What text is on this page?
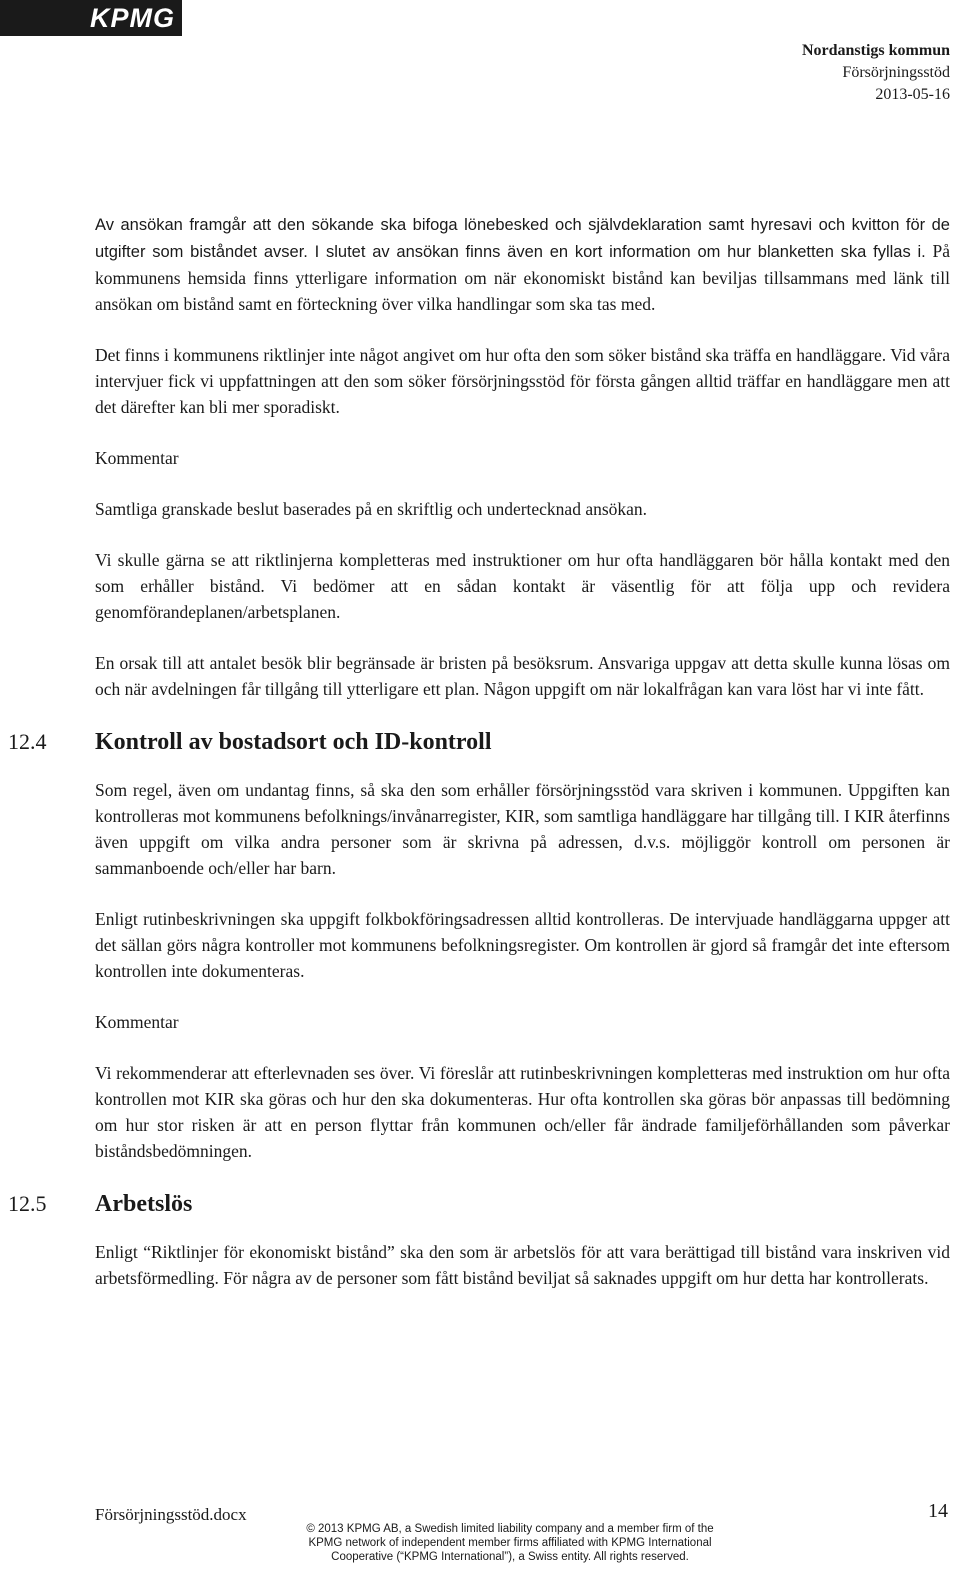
KPMG
Nordanstigs kommun
Försörjningsstöd
2013-05-16

Av ansökan framgår att den sökande ska bifoga lönebesked och självdeklaration samt hyresavi och kvitton för de utgifter som biståndet avser. I slutet av ansökan finns även en kort information om hur blanketten ska fyllas i. På kommunens hemsida finns ytterligare information om när ekonomiskt bistånd kan beviljas tillsammans med länk till ansökan om bistånd samt en förteckning över vilka handlingar som ska tas med.

Det finns i kommunens riktlinjer inte något angivet om hur ofta den som söker bistånd ska träffa en handläggare. Vid våra intervjuer fick vi uppfattningen att den som söker försörjningsstöd för första gången alltid träffar en handläggare men att det därefter kan bli mer sporadiskt.

Kommentar

Samtliga granskade beslut baserades på en skriftlig och undertecknad ansökan.

Vi skulle gärna se att riktlinjerna kompletteras med instruktioner om hur ofta handläggaren bör hålla kontakt med den som erhåller bistånd. Vi bedömer att en sådan kontakt är väsentlig för att följa upp och revidera genomförandeplanen/arbetsplanen.

En orsak till att antalet besök blir begränsade är bristen på besöksrum. Ansvariga uppgav att detta skulle kunna lösas om och när avdelningen får tillgång till ytterligare ett plan. Någon uppgift om när lokalfrågan kan vara löst har vi inte fått.

12.4 Kontroll av bostadsort och ID-kontroll

Som regel, även om undantag finns, så ska den som erhåller försörjningsstöd vara skriven i kommunen. Uppgiften kan kontrolleras mot kommunens befolknings/invånarregister, KIR, som samtliga handläggare har tillgång till. I KIR återfinns även uppgift om vilka andra personer som är skrivna på adressen, d.v.s. möjliggör kontroll om personen är sammanboende och/eller har barn.

Enligt rutinbeskrivningen ska uppgift folkbokföringsadressen alltid kontrolleras. De intervjuade handläggarna uppger att det sällan görs några kontroller mot kommunens befolkningsregister. Om kontrollen är gjord så framgår det inte eftersom kontrollen inte dokumenteras.

Kommentar

Vi rekommenderar att efterlevnaden ses över. Vi föreslår att rutinbeskrivningen kompletteras med instruktion om hur ofta kontrollen mot KIR ska göras och hur den ska dokumenteras. Hur ofta kontrollen ska göras bör anpassas till bedömning om hur stor risken är att en person flyttar från kommunen och/eller får ändrade familjeförhållanden som påverkar biståndsbedömningen.

12.5 Arbetslös

Enligt “Riktlinjer för ekonomiskt bistånd” ska den som är arbetslös för att vara berättigad till bistånd vara inskriven vid arbetsförmedling. För några av de personer som fått bistånd beviljat så saknades uppgift om hur detta har kontrollerats.

Försörjningsstöd.docx	14
© 2013 KPMG AB, a Swedish limited liability company and a member firm of the KPMG network of independent member firms affiliated with KPMG International Cooperative (“KPMG International”), a Swiss entity. All rights reserved.
